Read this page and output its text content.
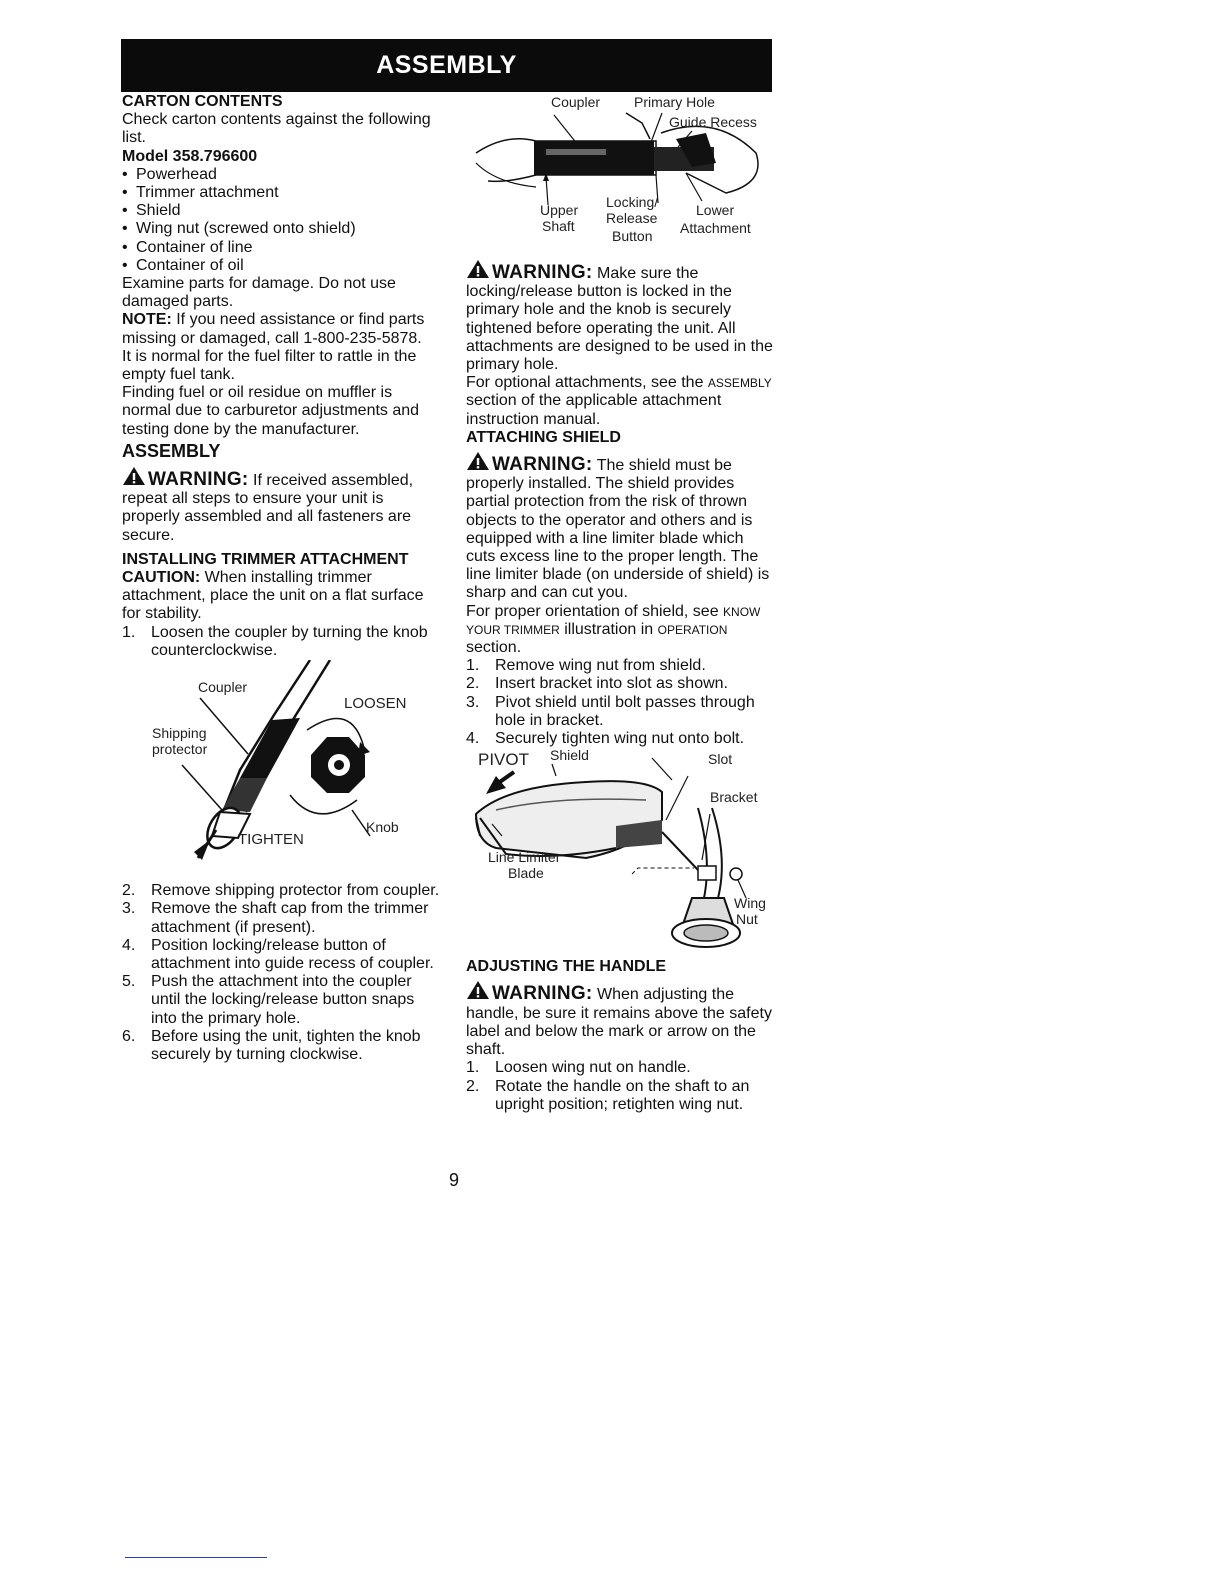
ASSEMBLY
CARTON CONTENTS

Check carton contents against the following list.

Model 358.796600
• Powerhead
• Trimmer attachment
• Shield
• Wing nut (screwed onto shield)
• Container of line
• Container of oil

Examine parts for damage. Do not use damaged parts.

NOTE: If you need assistance or find parts missing or damaged, call 1-800-235-5878.

It is normal for the fuel filter to rattle in the empty fuel tank.

Finding fuel or oil residue on muffler is normal due to carburetor adjustments and testing done by the manufacturer.

ASSEMBLY

WARNING: If received assembled, repeat all steps to ensure your unit is properly assembled and all fasteners are secure.

INSTALLING TRIMMER ATTACHMENT

CAUTION: When installing trimmer attachment, place the unit on a flat surface for stability.

1. Loosen the coupler by turning the knob counterclockwise.
Coupler
Shipping
protector
LOOSEN
TIGHTEN
Knob
2. Remove shipping protector from coupler.
3. Remove the shaft cap from the trimmer attachment (if present).
4. Position locking/release button of attachment into guide recess of coupler.
5. Push the attachment into the coupler until the locking/release button snaps into the primary hole.
6. Before using the unit, tighten the knob securely by turning clockwise.
Coupler Primary Hole
Guide Recess
Upper
Shaft
Locking/
Release
Button
Lower
Attachment

WARNING: Make sure the locking/release button is locked in the primary hole and the knob is securely tightened before operating the unit. All attachments are designed to be used in the primary hole.

For optional attachments, see the ASSEMBLY section of the applicable attachment instruction manual.

ATTACHING SHIELD

WARNING: The shield must be properly installed. The shield provides partial protection from the risk of thrown objects to the operator and others and is equipped with a line limiter blade which cuts excess line to the proper length. The line limiter blade (on underside of shield) is sharp and can cut you.

For proper orientation of shield, see KNOW YOUR TRIMMER illustration in OPERATION section.

1. Remove wing nut from shield.
2. Insert bracket into slot as shown.
3. Pivot shield until bolt passes through hole in bracket.
4. Securely tighten wing nut onto bolt.
PIVOT Shield	Slot
Bracket
Line Limiter
Blade
Wing
Nut
ADJUSTING THE HANDLE

WARNING: When adjusting the handle, be sure it remains above the safety label and below the mark or arrow on the shaft.

1. Loosen wing nut on handle.
2. Rotate the handle on the shaft to an upright position; retighten wing nut.
9
